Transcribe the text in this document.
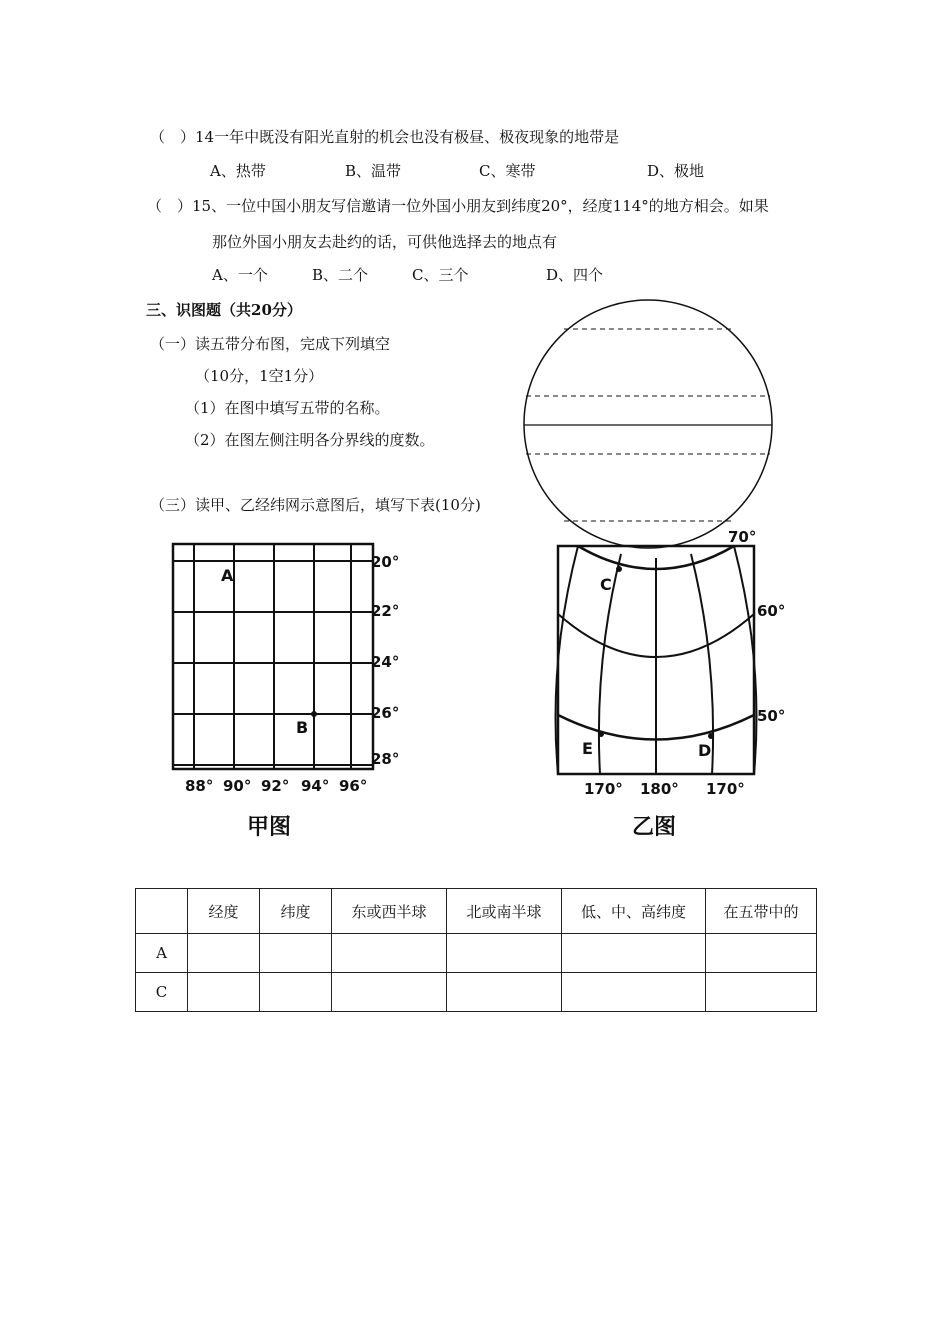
（　）14一年中既没有阳光直射的机会也没有极昼、极夜现象的地带是
A、热带	B、温带	C、寒带	D、极地
（　）15、一位中国小朋友写信邀请一位外国小朋友到纬度20°，经度114°的地方相会。如果
那位外国小朋友去赴约的话，可供他选择去的地点有
A、一个	B、二个	C、三个	D、四个
三、识图题（共20分）
（一）读五带分布图，完成下列填空
（10分，1空1分）
（1）在图中填写五带的名称。
（2）在图左侧注明各分界线的度数。
（三）读甲、乙经纬网示意图后，填写下表(10分)
A
B
20°
22°
24°
26°
28°
88° 90° 92° 94° 96°
甲图
C
D
E
70°
60°
50°
170° 180° 170°
乙图
	经度	纬度	东或西半球	北或南半球	低、中、高纬度	在五带中的
A						
C						
